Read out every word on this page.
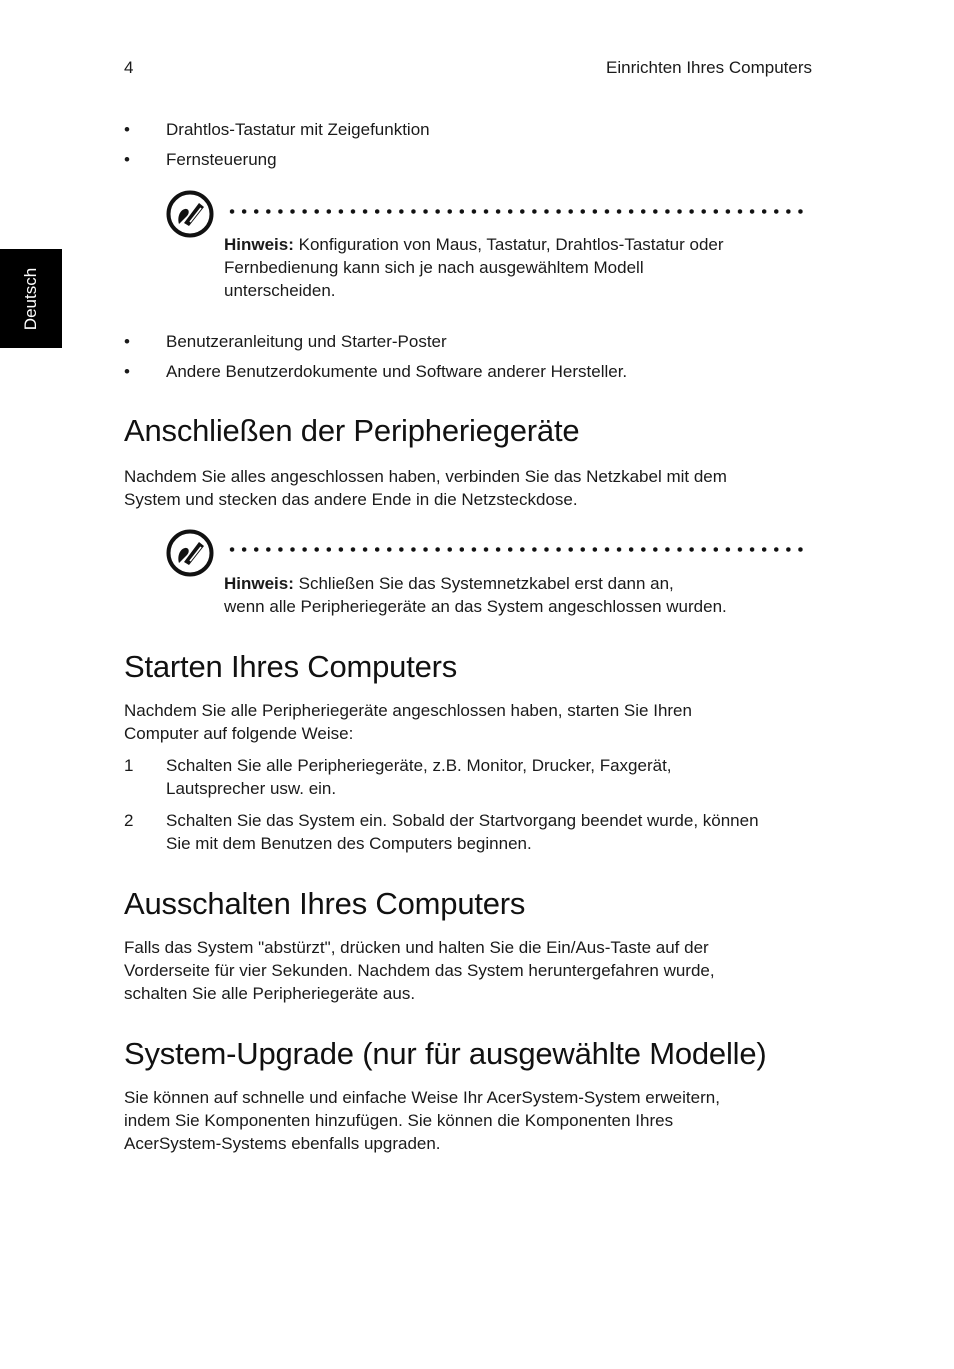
4	Einrichten Ihres Computers
Deutsch
• Drahtlos-Tastatur mit Zeigefunktion
• Fernsteuerung

Hinweis: Konfiguration von Maus, Tastatur, Drahtlos-Tastatur oder

Fernbedienung kann sich je nach ausgewähltem Modell

unterscheiden.

• Benutzeranleitung und Starter-Poster
• Andere Benutzerdokumente und Software anderer Hersteller.
Anschließen der Peripheriegeräte

Nachdem Sie alles angeschlossen haben, verbinden Sie das Netzkabel mit dem

System und stecken das andere Ende in die Netzsteckdose.

Hinweis: Schließen Sie das Systemnetzkabel erst dann an,

wenn alle Peripheriegeräte an das System angeschlossen wurden.

Starten Ihres Computers

Nachdem Sie alle Peripheriegeräte angeschlossen haben, starten Sie Ihren

Computer auf folgende Weise:

1 Schalten Sie alle Peripheriegeräte, z.B. Monitor, Drucker, Faxgerät,

Lautsprecher usw. ein.

2 Schalten Sie das System ein. Sobald der Startvorgang beendet wurde, können

Sie mit dem Benutzen des Computers beginnen.

Ausschalten Ihres Computers

Falls das System "abstürzt", drücken und halten Sie die Ein/Aus-Taste auf der

Vorderseite für vier Sekunden. Nachdem das System heruntergefahren wurde,

schalten Sie alle Peripheriegeräte aus.

System-Upgrade (nur für ausgewählte Modelle)

Sie können auf schnelle und einfache Weise Ihr AcerSystem-System erweitern,

indem Sie Komponenten hinzufügen. Sie können die Komponenten Ihres

AcerSystem-Systems ebenfalls upgraden.
